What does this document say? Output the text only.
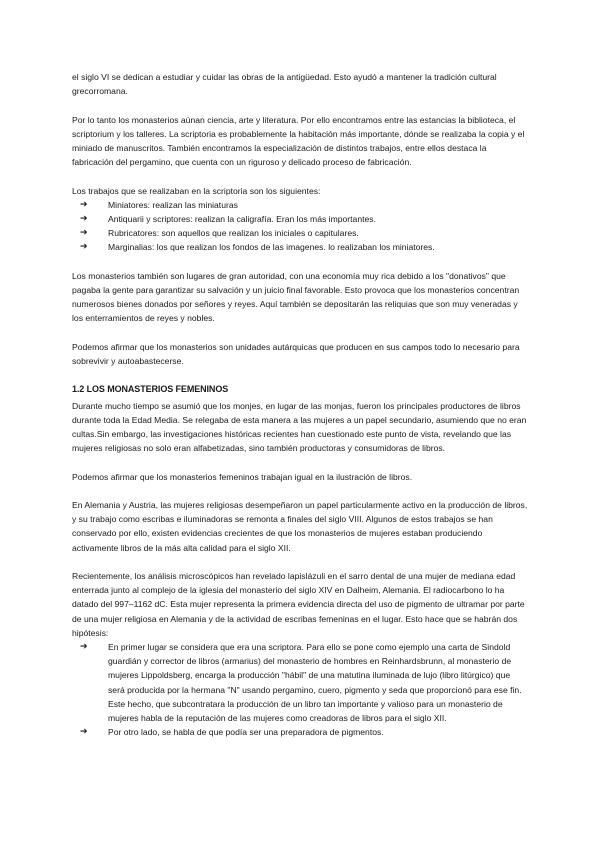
el siglo VI se dedican a estudiar y cuidar las obras de la antigüedad. Esto ayudó a mantener la tradición cultural grecorromana.

Por lo tanto los monasterios aúnan ciencia, arte y literatura. Por ello encontramos entre las estancias la biblioteca, el scriptorium y los talleres. La scriptoria es probablemente la habitación más importante, dónde se realizaba la copia y el miniado de manuscritos. También encontramos la especialización de distintos trabajos, entre ellos destaca la fabricación del pergamino, que cuenta con un riguroso y delicado proceso de fabricación.

Los trabajos que se realizaban en la scriptoria son los siguientes:

➔ Miniatores: realizan las miniaturas
➔ Antiquarii y scriptores: realizan la caligrafía. Eran los más importantes.
➔ Rubricatores: son aquellos que realizan los iniciales o capitulares.
➔ Marginalias: los que realizan los fondos de las imagenes. lo realizaban los miniatores.

Los monasterios también son lugares de gran autoridad, con una economía muy rica debido a los "donativos" que pagaba la gente para garantizar su salvación y un juicio final favorable. Esto provoca que los monasterios concentran numerosos bienes donados por señores y reyes. Aquí también se depositarán las reliquias que son muy veneradas y los enterramientos de reyes y nobles.

Podemos afirmar que los monasterios son unidades autárquicas que producen en sus campos todo lo necesario para sobrevivir y autoabastecerse.

1.2 LOS MONASTERIOS FEMENINOS

Durante mucho tiempo se asumió que los monjes, en lugar de las monjas, fueron los principales productores de libros durante toda la Edad Media. Se relegaba de esta manera a las mujeres a un papel secundario, asumiendo que no eran cultas.Sin embargo, las investigaciones históricas recientes han cuestionado este punto de vista, revelando que las mujeres religiosas no solo eran alfabetizadas, sino también productoras y consumidoras de libros.

Podemos afirmar que los monasterios femeninos trabajan igual en la ilustración de libros.

En Alemania y Austria, las mujeres religiosas desempeñaron un papel particularmente activo en la producción de libros, y su trabajo como escribas e iluminadoras se remonta a finales del siglo VIII. Algunos de estos trabajos se han conservado por ello, existen evidencias crecientes de que los monasterios de mujeres estaban produciendo activamente libros de la más alta calidad para el siglo XII.

Recientemente, los análisis microscópicos han revelado lapislázuli en el sarro dental de una mujer de mediana edad enterrada junto al complejo de la iglesia del monasterio del siglo XIV en Dalheim, Alemania. El radiocarbono lo ha datado del 997–1162 dC. Esta mujer representa la primera evidencia directa del uso de pigmento de ultramar por parte de una mujer religiosa en Alemania y de la actividad de escribas femeninas en el lugar. Esto hace que se habrán dos hipótesis:

➔ En primer lugar se considera que era una scriptora. Para ello se pone como ejemplo una carta de Sindold guardián y corrector de libros (armarius) del monasterio de hombres en Reinhardsbrunn, al monasterio de mujeres Lippoldsberg, encarga la producción "hábil" de una matutina iluminada de lujo (libro litúrgico) que será producida por la hermana "N" usando pergamino, cuero, pigmento y seda que proporcionó para ese fin. Este hecho, que subcontratara la producción de un libro tan importante y valioso para un monasterio de mujeres habla de la reputación de las mujeres como creadoras de libros para el siglo XII.
➔ Por otro lado, se habla de que podía ser una preparadora de pigmentos.
